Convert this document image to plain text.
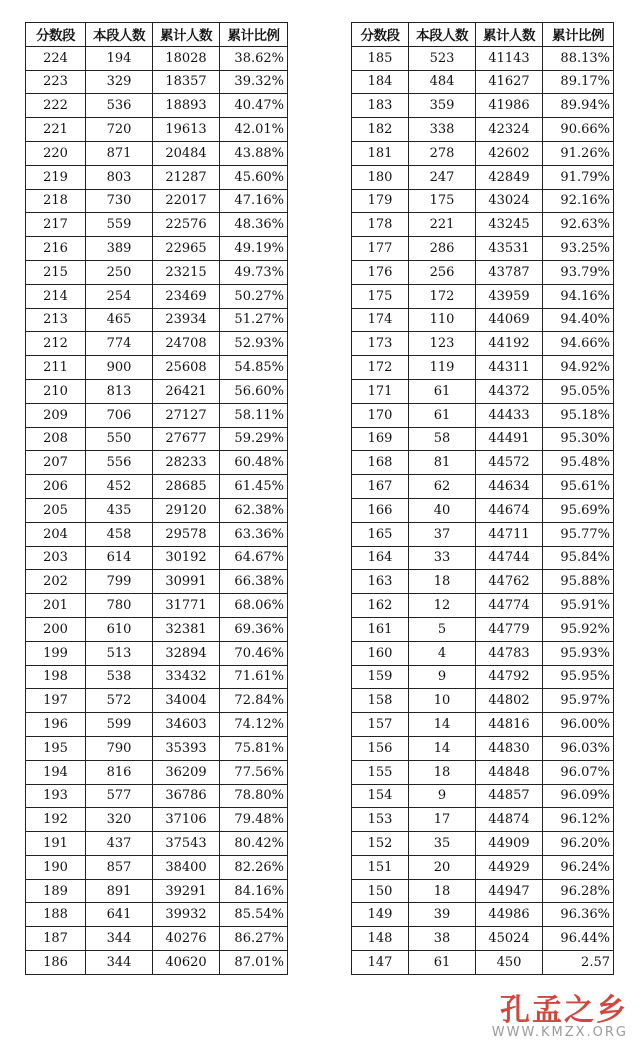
分数段	本段人数	累计人数	累计比例
224	194	18028	38.62%
223	329	18357	39.32%
222	536	18893	40.47%
221	720	19613	42.01%
220	871	20484	43.88%
219	803	21287	45.60%
218	730	22017	47.16%
217	559	22576	48.36%
216	389	22965	49.19%
215	250	23215	49.73%
214	254	23469	50.27%
213	465	23934	51.27%
212	774	24708	52.93%
211	900	25608	54.85%
210	813	26421	56.60%
209	706	27127	58.11%
208	550	27677	59.29%
207	556	28233	60.48%
206	452	28685	61.45%
205	435	29120	62.38%
204	458	29578	63.36%
203	614	30192	64.67%
202	799	30991	66.38%
201	780	31771	68.06%
200	610	32381	69.36%
199	513	32894	70.46%
198	538	33432	71.61%
197	572	34004	72.84%
196	599	34603	74.12%
195	790	35393	75.81%
194	816	36209	77.56%
193	577	36786	78.80%
192	320	37106	79.48%
191	437	37543	80.42%
190	857	38400	82.26%
189	891	39291	84.16%
188	641	39932	85.54%
187	344	40276	86.27%
186	344	40620	87.01%
分数段	本段人数	累计人数	累计比例
185	523	41143	88.13%
184	484	41627	89.17%
183	359	41986	89.94%
182	338	42324	90.66%
181	278	42602	91.26%
180	247	42849	91.79%
179	175	43024	92.16%
178	221	43245	92.63%
177	286	43531	93.25%
176	256	43787	93.79%
175	172	43959	94.16%
174	110	44069	94.40%
173	123	44192	94.66%
172	119	44311	94.92%
171	61	44372	95.05%
170	61	44433	95.18%
169	58	44491	95.30%
168	81	44572	95.48%
167	62	44634	95.61%
166	40	44674	95.69%
165	37	44711	95.77%
164	33	44744	95.84%
163	18	44762	95.88%
162	12	44774	95.91%
161	5	44779	95.92%
160	4	44783	95.93%
159	9	44792	95.95%
158	10	44802	95.97%
157	14	44816	96.00%
156	14	44830	96.03%
155	18	44848	96.07%
154	9	44857	96.09%
153	17	44874	96.12%
152	35	44909	96.20%
151	20	44929	96.24%
150	18	44947	96.28%
149	39	44986	96.36%
148	38	45024	96.44%
147	61	450	2.57
孔孟之乡
WWW.KMZX.ORG
